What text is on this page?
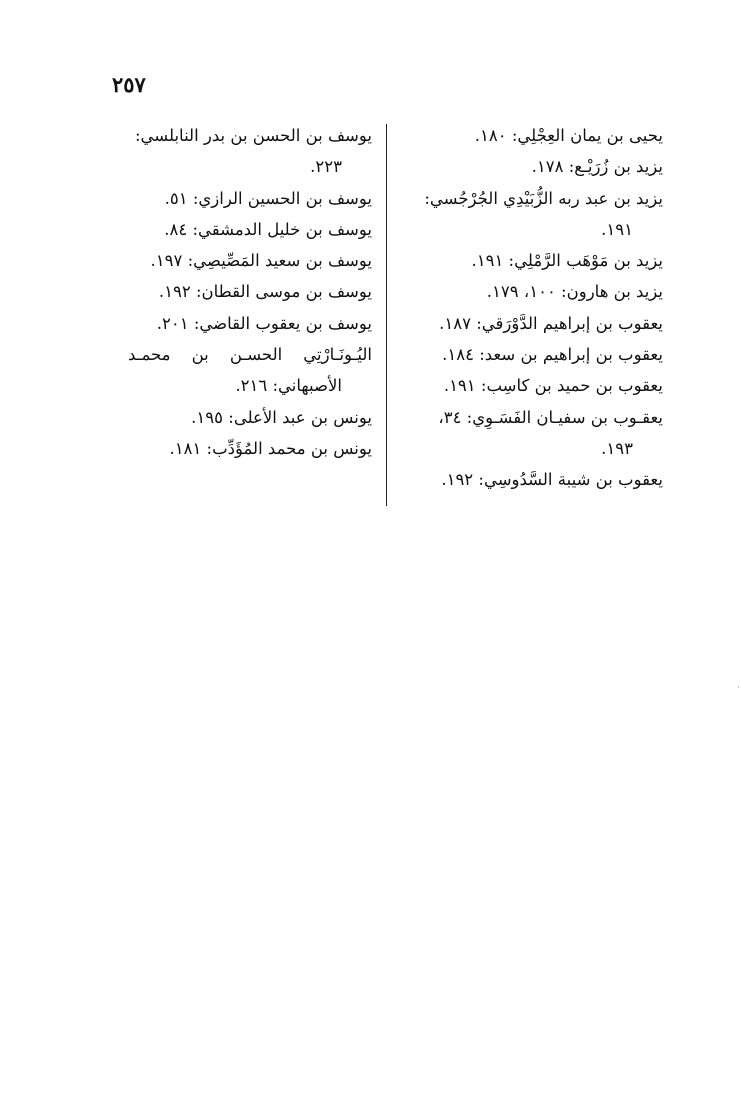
٢٥٧
يحيى بن يمان العِجْلِي: ١٨٠.
يزيد بن زُرَيْـع: ١٧٨.
يزيد بن عبد ربه الزُّبَيْدِي الجُرْجُسي:
١٩١.
يزيد بن مَوْهَب الرَّمْلِي: ١٩١.
يزيد بن هارون: ١٠٠، ١٧٩.
يعقوب بن إبراهيم الدَّوْرَقي: ١٨٧.
يعقوب بن إبراهيم بن سعد: ١٨٤.
يعقوب بن حميد بن كاسِب: ١٩١.
يعقـوب بن سفيـان الفَسَـوِي: ٣٤،
١٩٣.
يعقوب بن شيبة السَّدُوسِي: ١٩٢.
يوسف بن الحسن بن بدر النابلسي:
٢٢٣.
يوسف بن الحسين الرازي: ٥١.
يوسف بن خليل الدمشقي: ٨٤.
يوسف بن سعيد المَصِّيصِي: ١٩٧.
يوسف بن موسى القطان: ١٩٢.
يوسف بن يعقوب القاضي: ٢٠١.
اليُـونَـارْتِي الحسـن بن محمـد
الأصبهاني: ٢١٦.
يونس بن عبد الأعلى: ١٩٥.
يونس بن محمد المُؤَدِّب: ١٨١.
